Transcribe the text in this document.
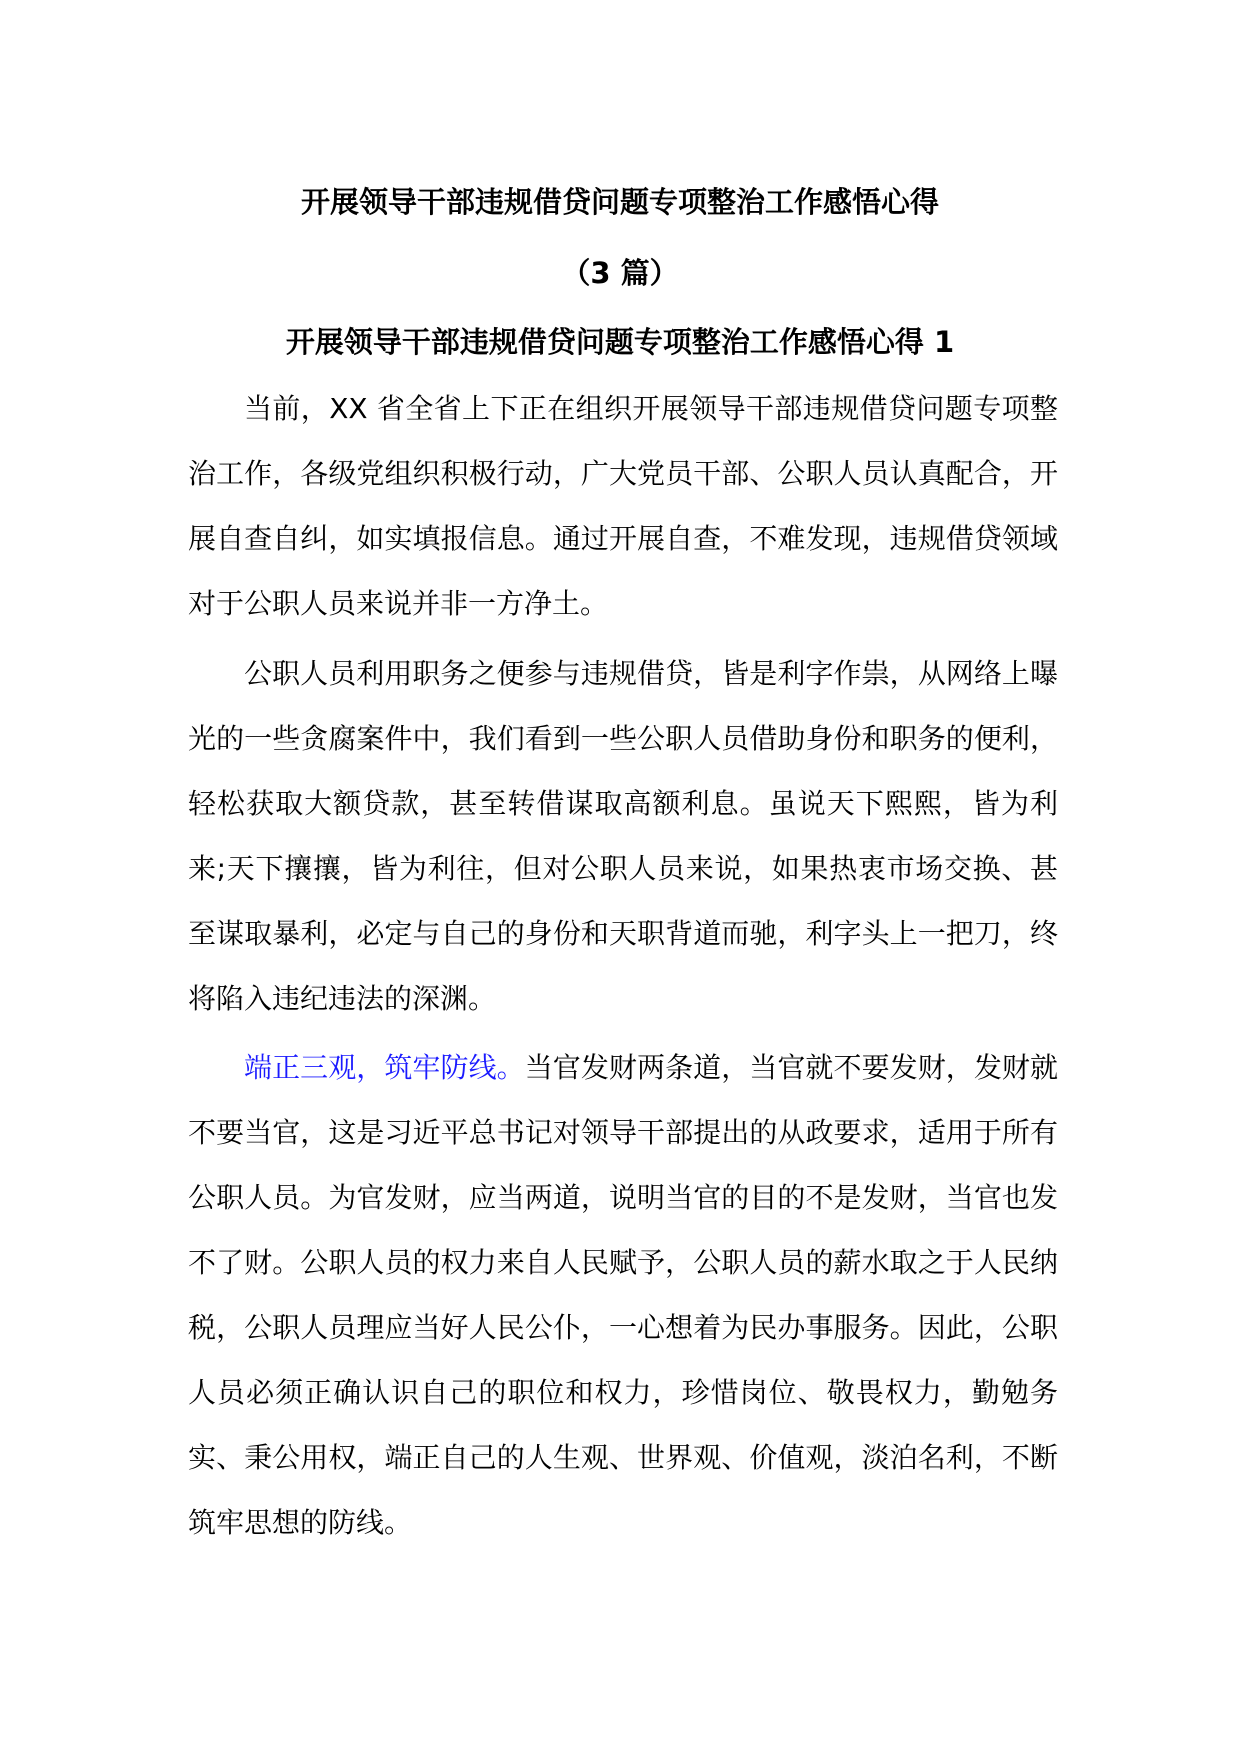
开展领导干部违规借贷问题专项整治工作感悟心得
（3 篇）
开展领导干部违规借贷问题专项整治工作感悟心得 1

当前，XX 省全省上下正在组织开展领导干部违规借贷问题专项整治工作，各级党组织积极行动，广大党员干部、公职人员认真配合，开展自查自纠，如实填报信息。通过开展自查，不难发现，违规借贷领域对于公职人员来说并非一方净土。

公职人员利用职务之便参与违规借贷，皆是利字作祟，从网络上曝光的一些贪腐案件中，我们看到一些公职人员借助身份和职务的便利，轻松获取大额贷款，甚至转借谋取高额利息。虽说天下熙熙，皆为利来;天下攘攘，皆为利往，但对公职人员来说，如果热衷市场交换、甚至谋取暴利，必定与自己的身份和天职背道而驰，利字头上一把刀，终将陷入违纪违法的深渊。

端正三观，筑牢防线。当官发财两条道，当官就不要发财，发财就不要当官，这是习近平总书记对领导干部提出的从政要求，适用于所有公职人员。为官发财，应当两道，说明当官的目的不是发财，当官也发不了财。公职人员的权力来自人民赋予，公职人员的薪水取之于人民纳税，公职人员理应当好人民公仆，一心想着为民办事服务。因此，公职人员必须正确认识自己的职位和权力，珍惜岗位、敬畏权力，勤勉务实、秉公用权，端正自己的人生观、世界观、价值观，淡泊名利，不断筑牢思想的防线。
